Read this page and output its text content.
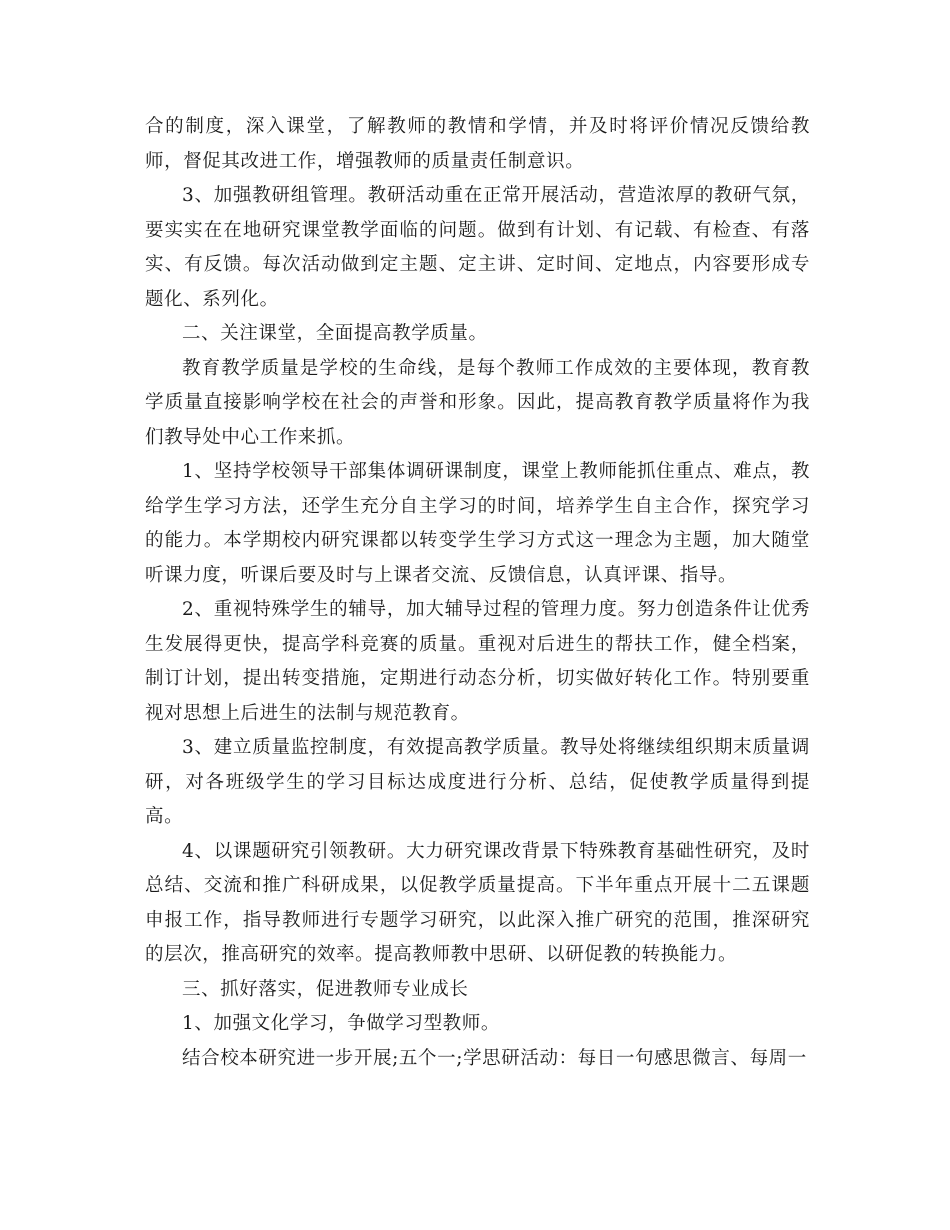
合的制度，深入课堂，了解教师的教情和学情，并及时将评价情况反馈给教师，督促其改进工作，增强教师的质量责任制意识。

3、加强教研组管理。教研活动重在正常开展活动，营造浓厚的教研气氛，要实实在在地研究课堂教学面临的问题。做到有计划、有记载、有检查、有落实、有反馈。每次活动做到定主题、定主讲、定时间、定地点，内容要形成专题化、系列化。

二、关注课堂，全面提高教学质量。

教育教学质量是学校的生命线，是每个教师工作成效的主要体现，教育教学质量直接影响学校在社会的声誉和形象。因此，提高教育教学质量将作为我们教导处中心工作来抓。

1、坚持学校领导干部集体调研课制度，课堂上教师能抓住重点、难点，教给学生学习方法，还学生充分自主学习的时间，培养学生自主合作，探究学习的能力。本学期校内研究课都以转变学生学习方式这一理念为主题，加大随堂听课力度，听课后要及时与上课者交流、反馈信息，认真评课、指导。

2、重视特殊学生的辅导，加大辅导过程的管理力度。努力创造条件让优秀生发展得更快，提高学科竞赛的质量。重视对后进生的帮扶工作，健全档案，制订计划，提出转变措施，定期进行动态分析，切实做好转化工作。特别要重视对思想上后进生的法制与规范教育。

3、建立质量监控制度，有效提高教学质量。教导处将继续组织期末质量调研，对各班级学生的学习目标达成度进行分析、总结，促使教学质量得到提高。

4、以课题研究引领教研。大力研究课改背景下特殊教育基础性研究，及时总结、交流和推广科研成果，以促教学质量提高。下半年重点开展十二五课题申报工作，指导教师进行专题学习研究，以此深入推广研究的范围，推深研究的层次，推高研究的效率。提高教师教中思研、以研促教的转换能力。

三、抓好落实，促进教师专业成长

1、加强文化学习，争做学习型教师。

结合校本研究进一步开展;五个一;学思研活动：每日一句感思微言、每周一
